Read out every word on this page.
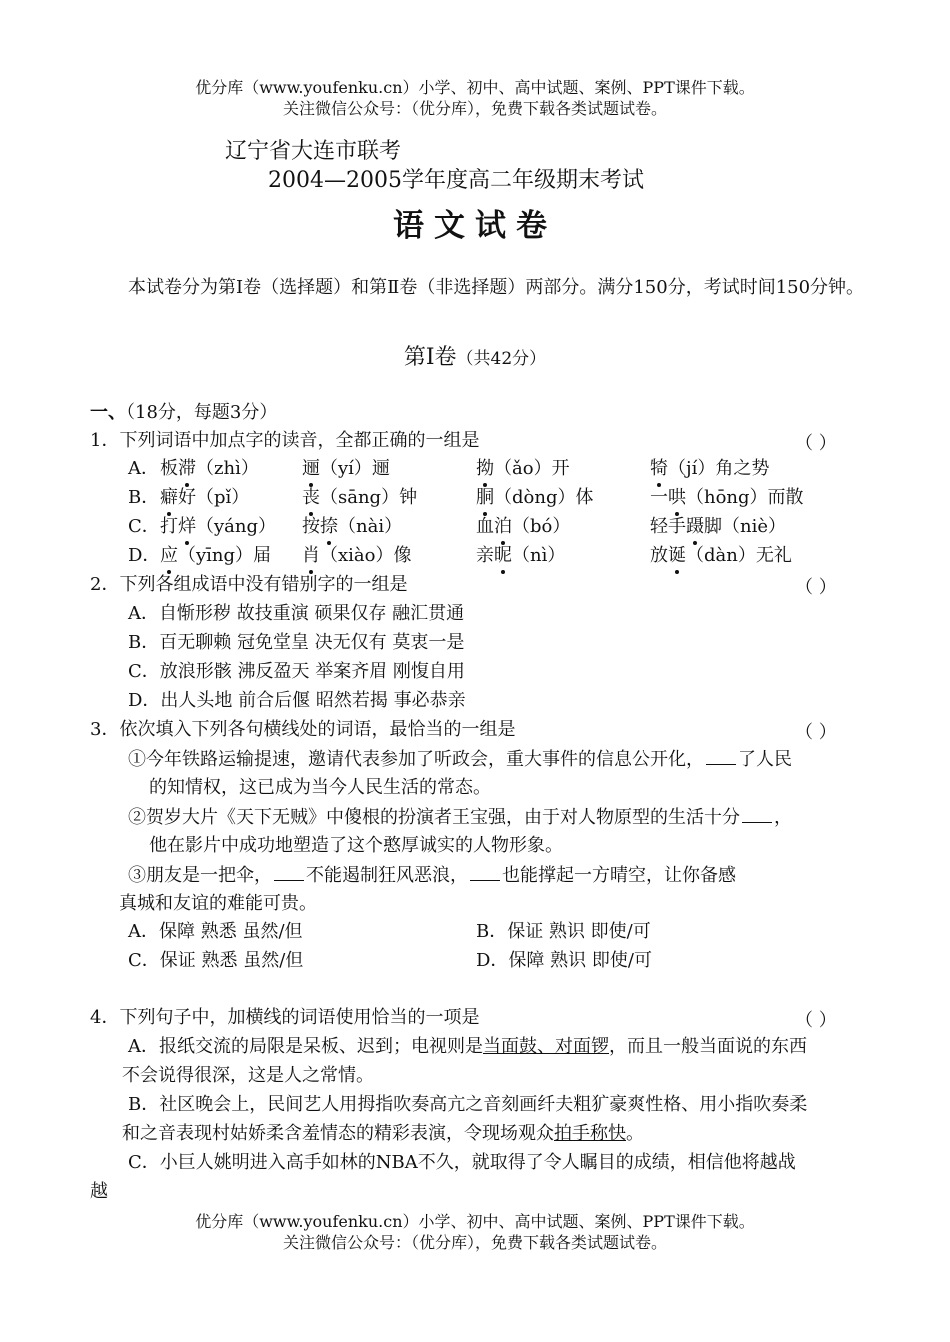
优分库（www.youfenku.cn）小学、初中、高中试题、案例、PPT课件下载。
关注微信公众号：（优分库），免费下载各类试题试卷。
辽宁省大连市联考
2004—2005学年度高二年级期末考试
语文试卷
本试卷分为第Ⅰ卷（选择题）和第Ⅱ卷（非选择题）两部分。满分150分，考试时间150分钟。
第Ⅰ卷（共42分）
一、（18分，每题3分）
1．下列词语中加点字的读音，全都正确的一组是	（ ）
A． 板滞（zhì） 逦（yí）逦	拗（ǎo）开	犄（jí）角之势
B． 癖好（pǐ）	丧（sāng）钟	胴（dòng）体	一哄（hōng）而散
C． 打烊（yáng） 按捺（nài）	血泊（bó）	轻手蹑脚（niè）
D． 应（yīng）届 肖（xiào）像	亲昵（nì）	放诞（dàn）无礼
2．下列各组成语中没有错别字的一组是	（ ）
A．自惭形秽 故技重演 硕果仅存 融汇贯通
B．百无聊赖 冠免堂皇 决无仅有 莫衷一是
C．放浪形骸 沸反盈天 举案齐眉 刚愎自用
D．出人头地 前合后偃 昭然若揭 事必恭亲
3．依次填入下列各句横线处的词语，最恰当的一组是	（ ）
①今年铁路运输提速，邀请代表参加了听政会，重大事件的信息公开化， 了人民
的知情权，这已成为当今人民生活的常态。
②贺岁大片《天下无贼》中傻根的扮演者王宝强，由于对人物原型的生活十分 ，
他在影片中成功地塑造了这个憨厚诚实的人物形象。
③朋友是一把伞， 不能遏制狂风恶浪， 也能撑起一方晴空，让你备感
真城和友谊的难能可贵。
A．保障 熟悉 虽然/但	B．保证 熟识 即使/可
C．保证 熟悉 虽然/但	D．保障 熟识 即使/可
4．下列句子中，加横线的词语使用恰当的一项是	（ ）
A．报纸交流的局限是呆板、迟到；电视则是当面鼓、对面锣，而且一般当面说的东西
不会说得很深，这是人之常情。
B．社区晚会上，民间艺人用拇指吹奏高亢之音刻画纤夫粗犷豪爽性格、用小指吹奏柔
和之音表现村姑娇柔含羞情态的精彩表演，令现场观众拍手称快。
C．小巨人姚明进入高手如林的NBA不久，就取得了令人瞩目的成绩，相信他将越战
越
优分库（www.youfenku.cn）小学、初中、高中试题、案例、PPT课件下载。
关注微信公众号：（优分库），免费下载各类试题试卷。
